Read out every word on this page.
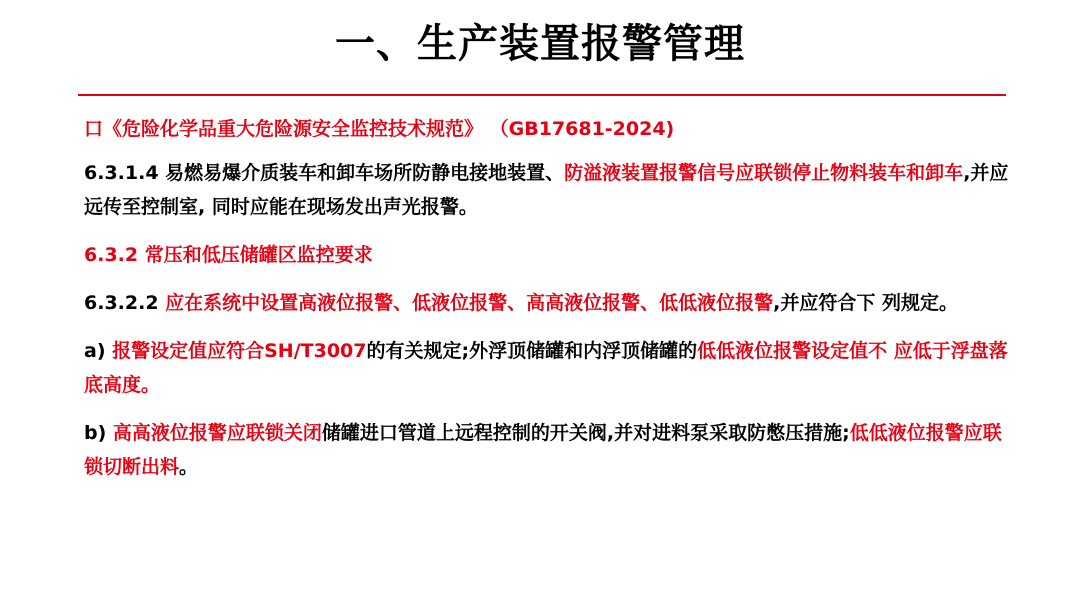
一、生产装置报警管理

口《危险化学品重大危险源安全监控技术规范》 （GB17681-2024)

6.3.1.4 易燃易爆介质装车和卸车场所防静电接地装置、防溢液装置报警信号应联锁停止物料装车和卸车,并应远传至控制室, 同时应能在现场发出声光报警。

6.3.2 常压和低压储罐区监控要求

6.3.2.2 应在系统中设置高液位报警、低液位报警、高高液位报警、低低液位报警,并应符合下 列规定。

a) 报警设定值应符合SH/T3007的有关规定;外浮顶储罐和内浮顶储罐的低低液位报警设定值不 应低于浮盘落底高度。

b) 高高液位报警应联锁关闭储罐进口管道上远程控制的开关阀,并对进料泵采取防憋压措施;低低液位报警应联锁切断出料。
